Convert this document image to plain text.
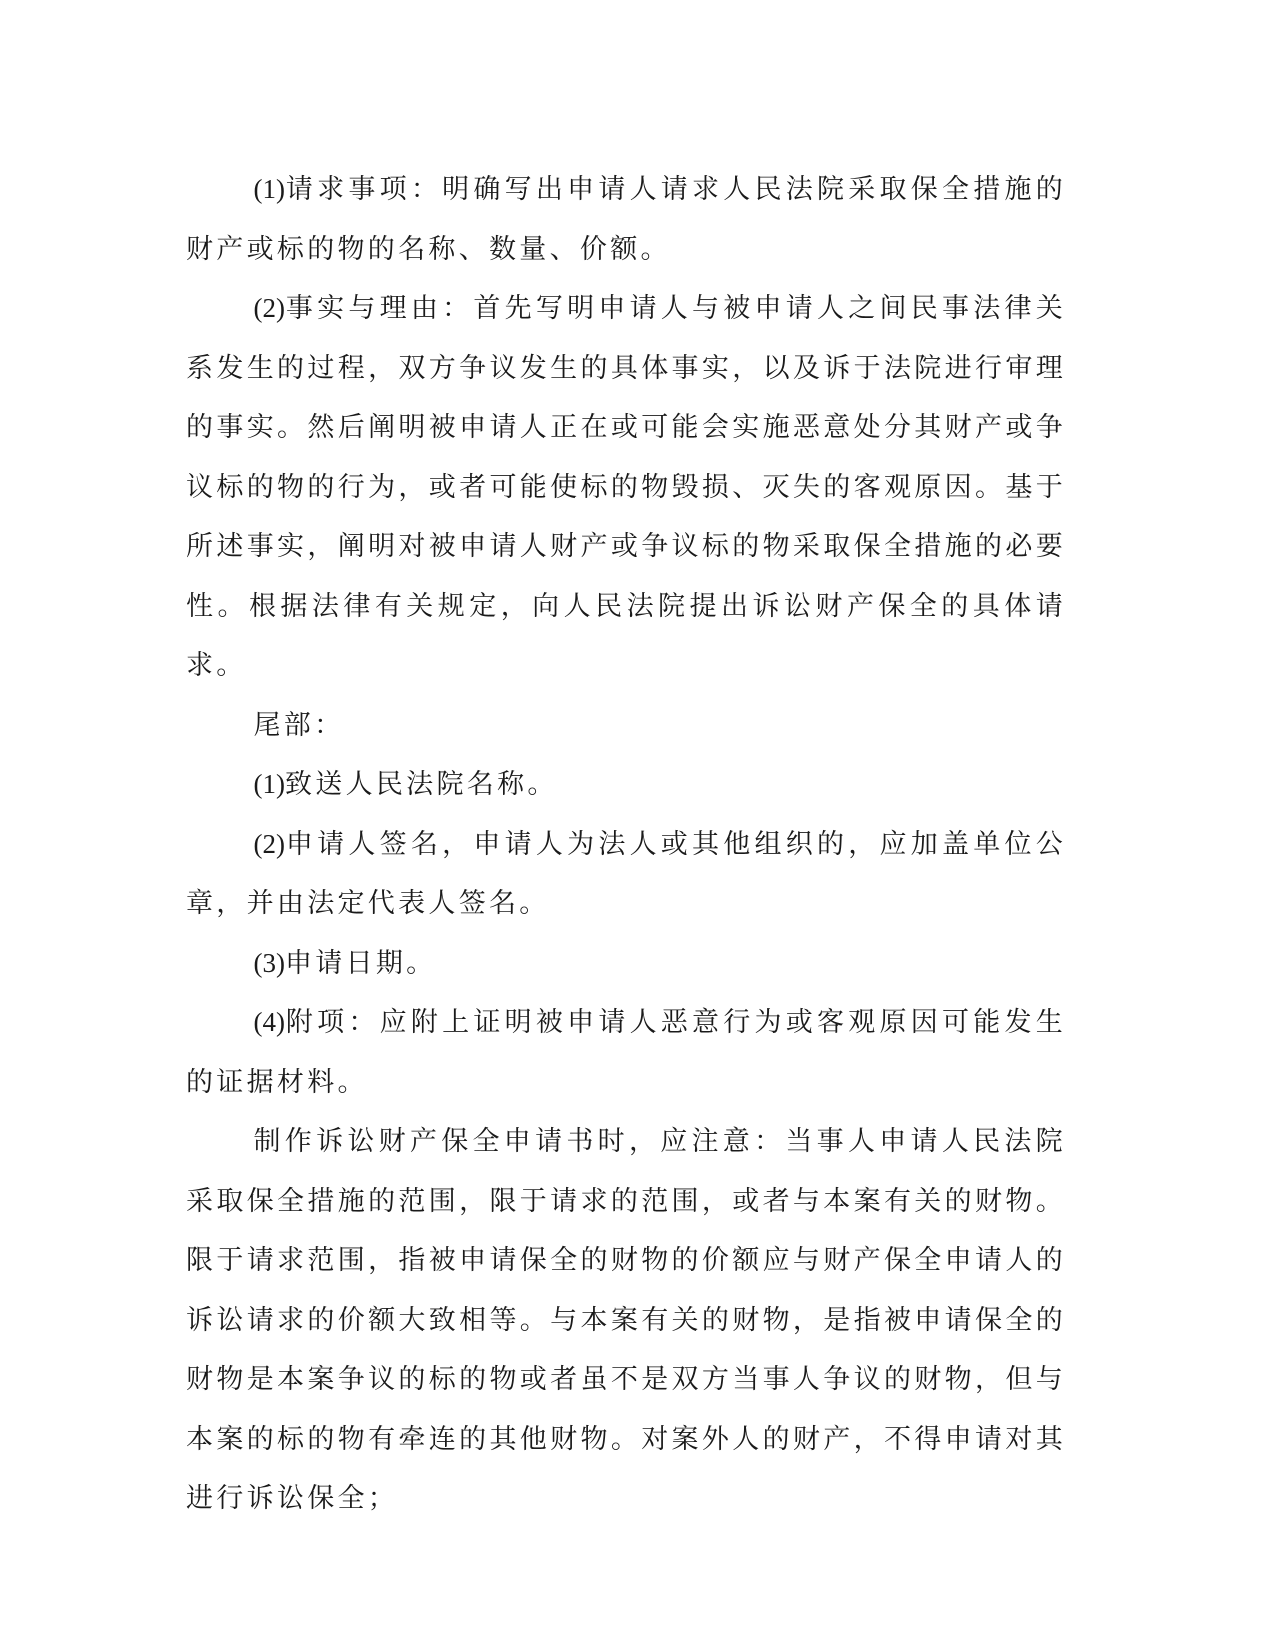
(1)请求事项：明确写出申请人请求人民法院采取保全措施的财产或标的物的名称、数量、价额。

(2)事实与理由：首先写明申请人与被申请人之间民事法律关系发生的过程，双方争议发生的具体事实，以及诉于法院进行审理的事实。然后阐明被申请人正在或可能会实施恶意处分其财产或争议标的物的行为，或者可能使标的物毁损、灭失的客观原因。基于所述事实，阐明对被申请人财产或争议标的物采取保全措施的必要性。根据法律有关规定，向人民法院提出诉讼财产保全的具体请求。

尾部：

(1)致送人民法院名称。

(2)申请人签名，申请人为法人或其他组织的，应加盖单位公章，并由法定代表人签名。

(3)申请日期。

(4)附项：应附上证明被申请人恶意行为或客观原因可能发生的证据材料。

制作诉讼财产保全申请书时，应注意：当事人申请人民法院采取保全措施的范围，限于请求的范围，或者与本案有关的财物。限于请求范围，指被申请保全的财物的价额应与财产保全申请人的诉讼请求的价额大致相等。与本案有关的财物，是指被申请保全的财物是本案争议的标的物或者虽不是双方当事人争议的财物，但与本案的标的物有牵连的其他财物。对案外人的财产，不得申请对其进行诉讼保全；
